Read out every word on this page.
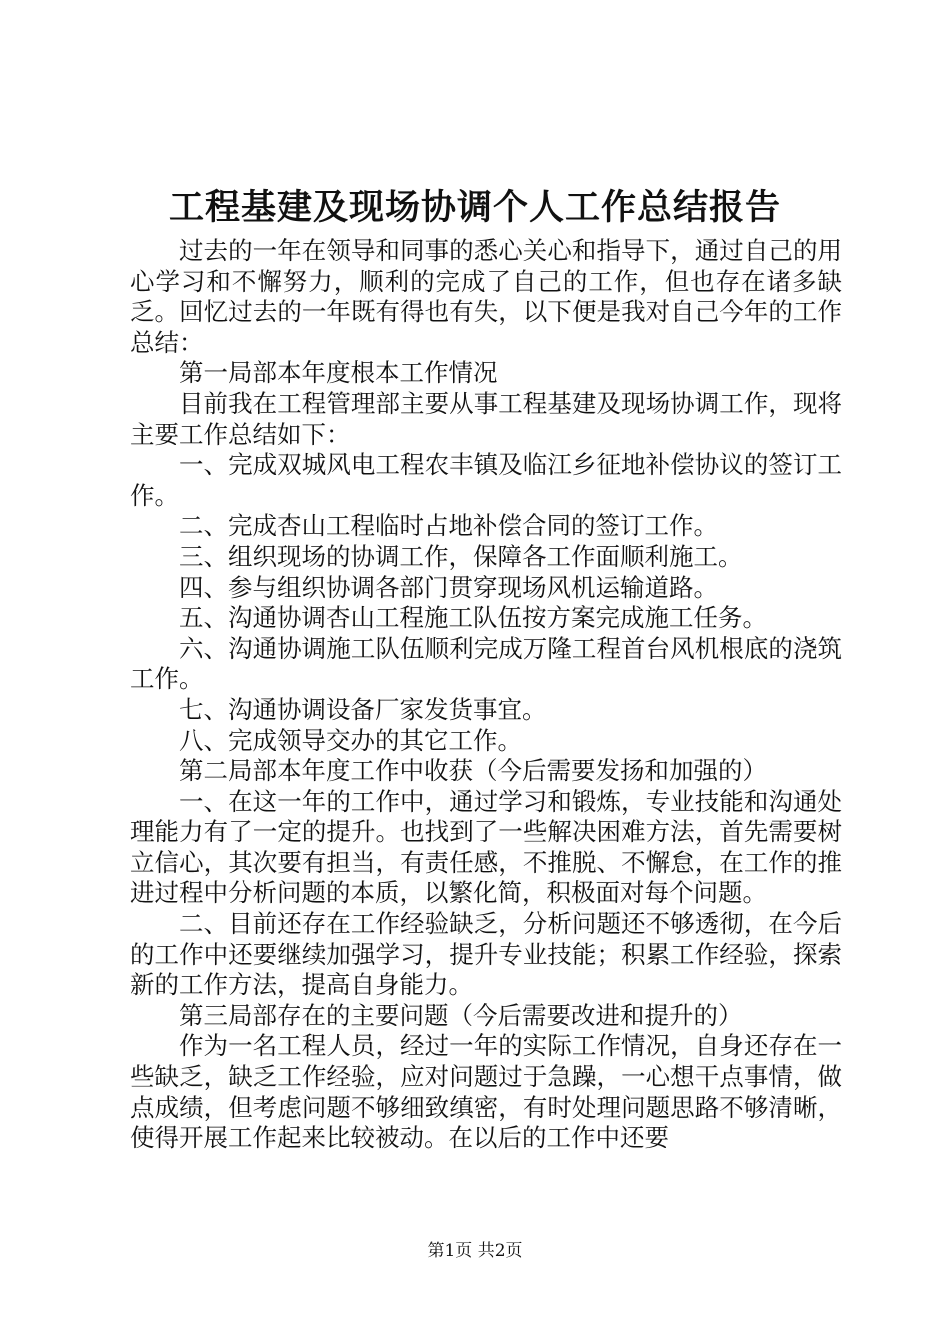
工程基建及现场协调个人工作总结报告

过去的一年在领导和同事的悉心关心和指导下，通过自己的用心学习和不懈努力，顺利的完成了自己的工作，但也存在诸多缺乏。回忆过去的一年既有得也有失，以下便是我对自己今年的工作总结：

第一局部本年度根本工作情况

目前我在工程管理部主要从事工程基建及现场协调工作，现将主要工作总结如下：

一、完成双城风电工程农丰镇及临江乡征地补偿协议的签订工作。

二、完成杏山工程临时占地补偿合同的签订工作。

三、组织现场的协调工作，保障各工作面顺利施工。

四、参与组织协调各部门贯穿现场风机运输道路。

五、沟通协调杏山工程施工队伍按方案完成施工任务。

六、沟通协调施工队伍顺利完成万隆工程首台风机根底的浇筑工作。

七、沟通协调设备厂家发货事宜。

八、完成领导交办的其它工作。

第二局部本年度工作中收获（今后需要发扬和加强的）

一、在这一年的工作中，通过学习和锻炼，专业技能和沟通处理能力有了一定的提升。也找到了一些解决困难方法，首先需要树立信心，其次要有担当，有责任感，不推脱、不懈怠，在工作的推进过程中分析问题的本质，以繁化简，积极面对每个问题。

二、目前还存在工作经验缺乏，分析问题还不够透彻，在今后的工作中还要继续加强学习，提升专业技能；积累工作经验，探索新的工作方法，提高自身能力。

第三局部存在的主要问题（今后需要改进和提升的）

作为一名工程人员，经过一年的实际工作情况，自身还存在一些缺乏，缺乏工作经验，应对问题过于急躁，一心想干点事情，做点成绩，但考虑问题不够细致缜密，有时处理问题思路不够清晰，使得开展工作起来比较被动。在以后的工作中还要

第1页 共2页
